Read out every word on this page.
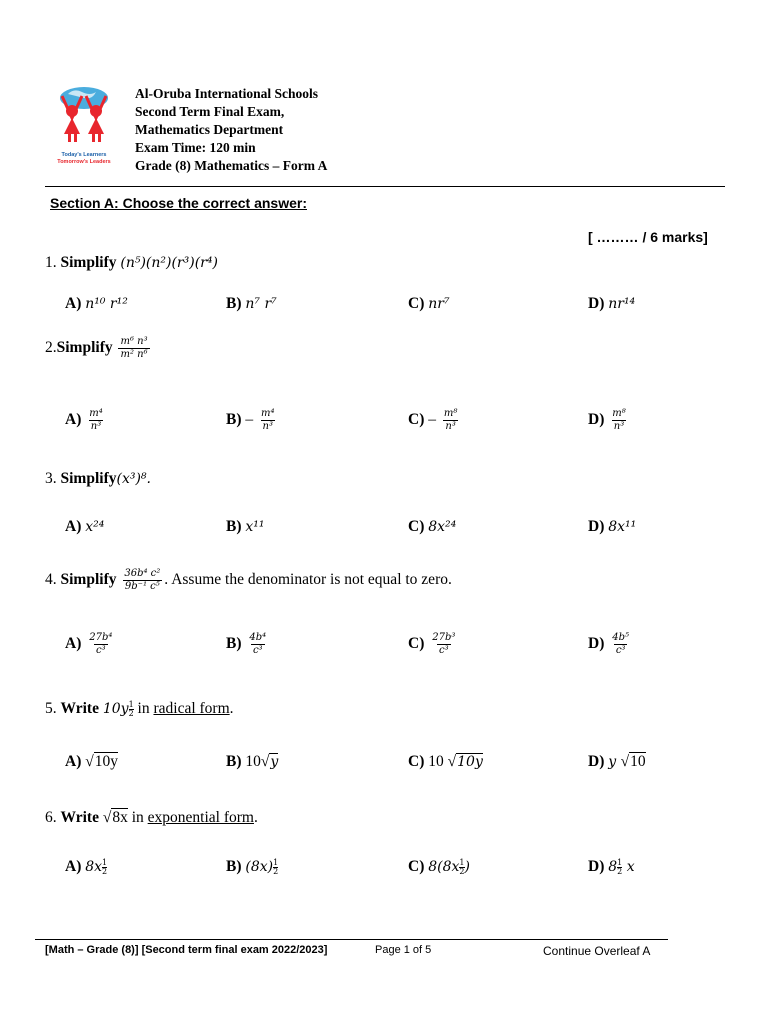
Today's Learners
Tomorrow's Leaders
Al-Oruba International Schools
Second Term Final Exam,
Mathematics Department
Exam Time: 120 min
Grade (8) Mathematics – Form A
Section A: Choose the correct answer:
[ ……… / 6 marks]
1. Simplify (n⁵)(n²)(r³)(r⁴)
A) n¹⁰ r¹²	B) n⁷ r⁷	C) nr⁷	D) nr¹⁴
2.Simplify $\frac{\text{m⁶ n³}}{\text{m² n⁶}}$
$A) \frac{\text{m⁴}}{\text{n³}}$	$B) - \frac{\text{m⁴}}{\text{n³}}$	$C) - \frac{\text{m⁸}}{\text{n³}}$	$D) \frac{\text{m⁸}}{\text{n³}}$
3. Simplify(x³)⁸.
A) x²⁴	B) x¹¹	C) 8x²⁴	D) 8x¹¹
4. Simplify $\frac{\text{36b⁴ c²}}{\text{9b⁻¹ c⁵}}$ . Assume the denominator is not equal to zero.
$A) \frac{\text{27b⁴}}{\text{c³}}$	$B) \frac{\text{4b⁴}}{\text{c³}}$	$C) \frac{\text{27b³}}{\text{c³}}$	$D) \frac{\text{4b⁵}}{\text{c³}}$
5. Write $10y \frac{1}{2}$ in radical form.
A) √10y	B) 10√y	C) 10 √10y	D) y √10
6. Write √8x in exponential form.
A) $8x \frac{1}{2}$	B) $(8x) \frac{1}{2}$	C) $8(8x \frac{1}{2}$ )	D) $8 \frac{1}{2}$ x
[Math – Grade (8)] [Second term final exam 2022/2023]	Page 1 of 5	Continue Overleaf A
